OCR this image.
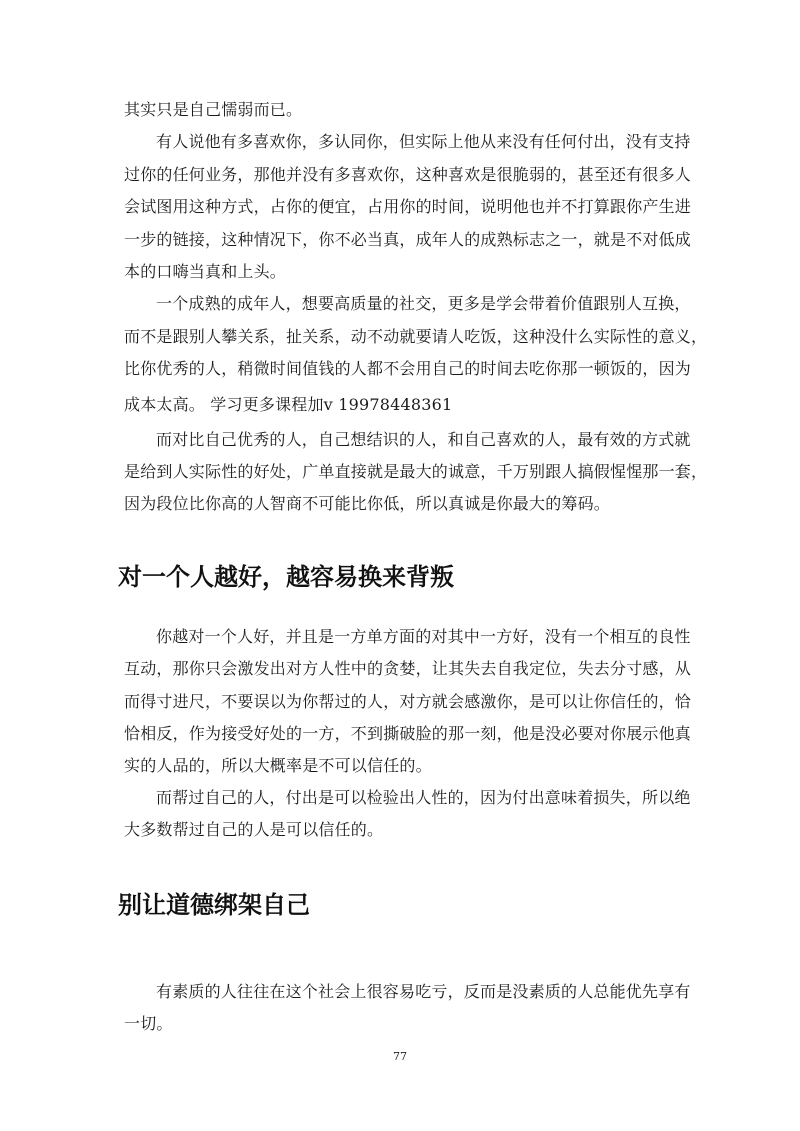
其实只是自己懦弱而已。
有人说他有多喜欢你，多认同你，但实际上他从来没有任何付出，没有支持
过你的任何业务，那他并没有多喜欢你，这种喜欢是很脆弱的，甚至还有很多人
会试图用这种方式，占你的便宜，占用你的时间，说明他也并不打算跟你产生进
一步的链接，这种情况下，你不必当真，成年人的成熟标志之一，就是不对低成
本的口嗨当真和上头。
一个成熟的成年人，想要高质量的社交，更多是学会带着价值跟别人互换，
而不是跟别人攀关系，扯关系，动不动就要请人吃饭，这种没什么实际性的意义，
比你优秀的人，稍微时间值钱的人都不会用自己的时间去吃你那一顿饭的，因为
成本太高。 学习更多课程加v 19978448361
而对比自己优秀的人，自己想结识的人，和自己喜欢的人，最有效的方式就
是给到人实际性的好处，广单直接就是最大的诚意，千万别跟人搞假惺惺那一套，
因为段位比你高的人智商不可能比你低，所以真诚是你最大的筹码。
对一个人越好，越容易换来背叛
你越对一个人好，并且是一方单方面的对其中一方好，没有一个相互的良性
互动，那你只会激发出对方人性中的贪婪，让其失去自我定位，失去分寸感，从
而得寸进尺，不要误以为你帮过的人，对方就会感激你，是可以让你信任的，恰
恰相反，作为接受好处的一方，不到撕破脸的那一刻，他是没必要对你展示他真
实的人品的，所以大概率是不可以信任的。
而帮过自己的人，付出是可以检验出人性的，因为付出意味着损失，所以绝
大多数帮过自己的人是可以信任的。
别让道德绑架自己
有素质的人往往在这个社会上很容易吃亏，反而是没素质的人总能优先享有
一切。
77
